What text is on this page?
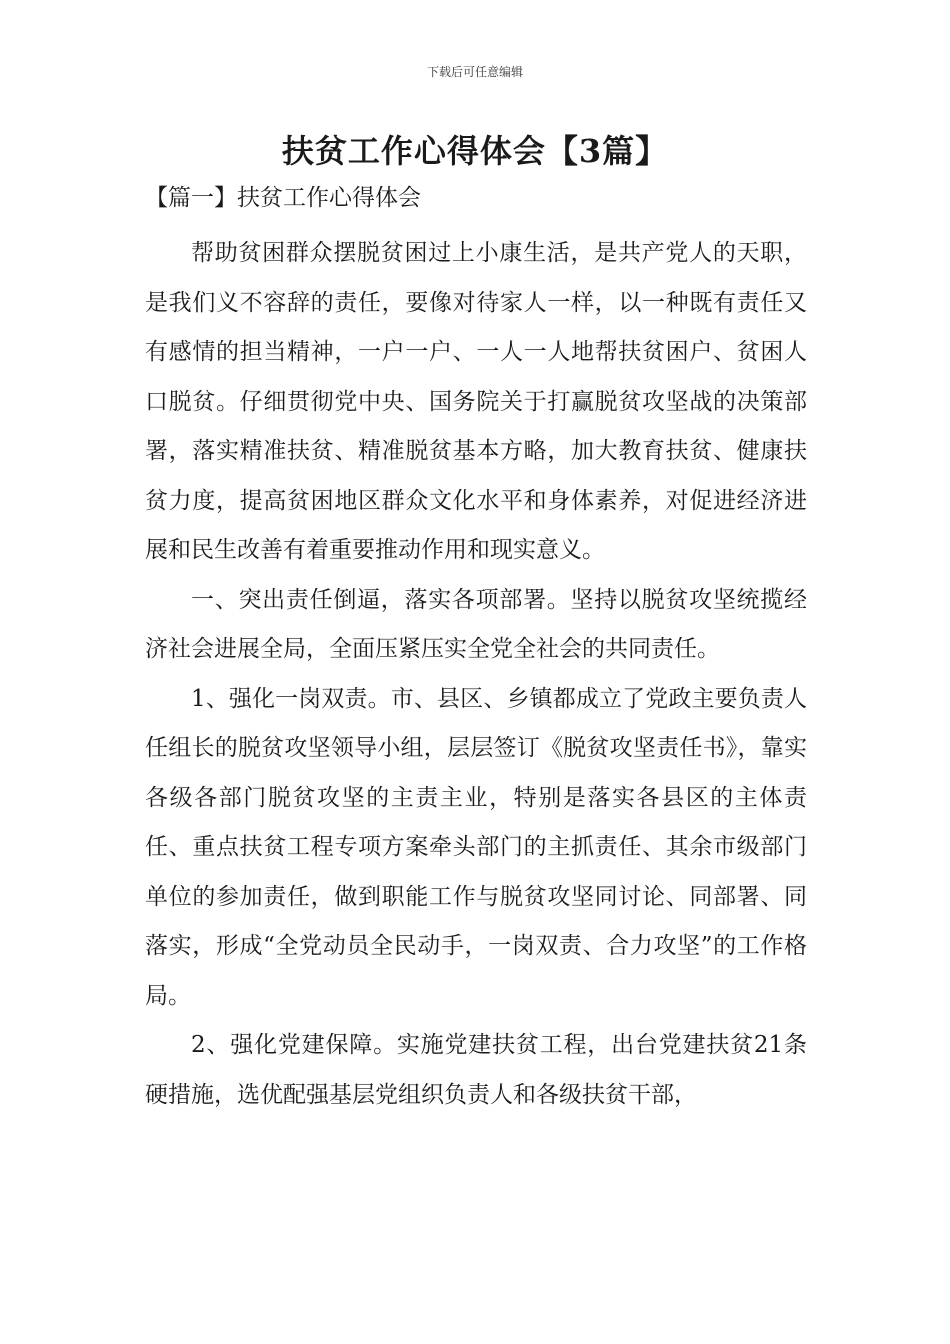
下载后可任意编辑
扶贫工作心得体会【3篇】
【篇一】扶贫工作心得体会

帮助贫困群众摆脱贫困过上小康生活，是共产党人的天职，是我们义不容辞的责任，要像对待家人一样，以一种既有责任又有感情的担当精神，一户一户、一人一人地帮扶贫困户、贫困人口脱贫。仔细贯彻党中央、国务院关于打赢脱贫攻坚战的决策部署，落实精准扶贫、精准脱贫基本方略，加大教育扶贫、健康扶贫力度，提高贫困地区群众文化水平和身体素养，对促进经济进展和民生改善有着重要推动作用和现实意义。

一、突出责任倒逼，落实各项部署。坚持以脱贫攻坚统揽经济社会进展全局，全面压紧压实全党全社会的共同责任。

1、强化一岗双责。市、县区、乡镇都成立了党政主要负责人任组长的脱贫攻坚领导小组，层层签订《脱贫攻坚责任书》，靠实各级各部门脱贫攻坚的主责主业，特别是落实各县区的主体责任、重点扶贫工程专项方案牵头部门的主抓责任、其余市级部门单位的参加责任，做到职能工作与脱贫攻坚同讨论、同部署、同落实，形成“全党动员全民动手，一岗双责、合力攻坚”的工作格局。

2、强化党建保障。实施党建扶贫工程，出台党建扶贫21条硬措施，选优配强基层党组织负责人和各级扶贫干部，
